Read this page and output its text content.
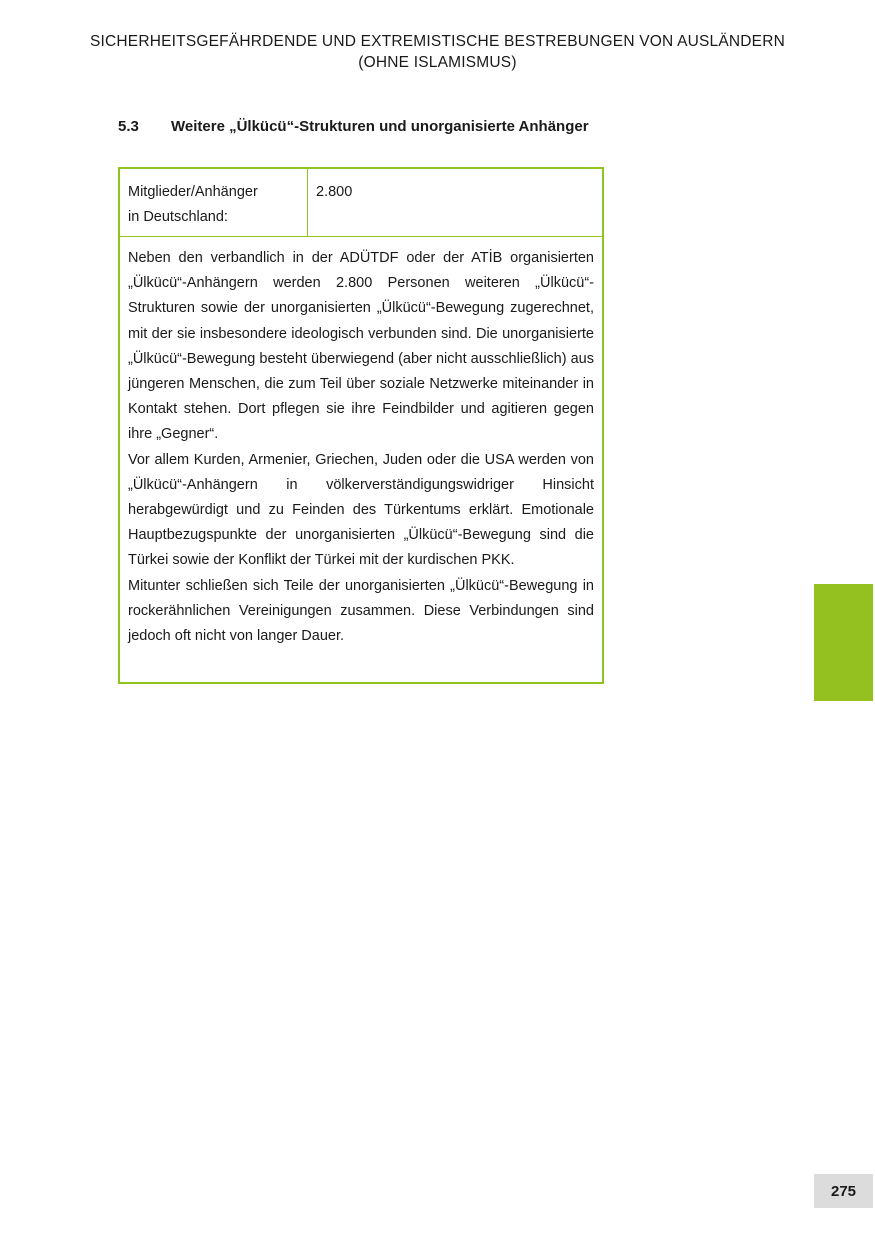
SICHERHEITSGEFÄHRDENDE UND EXTREMISTISCHE BESTREBUNGEN VON AUSLÄNDERN
(OHNE ISLAMISMUS)
5.3 Weitere „Ülkücü“-Strukturen und unorganisierte Anhänger
Mitglieder/Anhänger
in Deutschland:
2.800

Neben den verbandlich in der ADÜTDF oder der ATİB organisierten „Ülkücü“-Anhängern werden 2.800 Personen weiteren „Ülkücü“-Strukturen sowie der unorganisierten „Ülkücü“-Bewegung zugerechnet, mit der sie insbesondere ideologisch verbunden sind. Die unorganisierte „Ülkücü“-Bewegung besteht überwiegend (aber nicht ausschließlich) aus jüngeren Menschen, die zum Teil über soziale Netzwerke miteinander in Kontakt stehen. Dort pflegen sie ihre Feindbilder und agitieren gegen ihre „Gegner“.

Vor allem Kurden, Armenier, Griechen, Juden oder die USA werden von „Ülkücü“-Anhängern in völkerverständigungswidriger Hinsicht herabgewürdigt und zu Feinden des Türkentums erklärt. Emotionale Hauptbezugspunkte der unorganisierten „Ülkücü“-Bewegung sind die Türkei sowie der Konflikt der Türkei mit der kurdischen PKK.

Mitunter schließen sich Teile der unorganisierten „Ülkücü“-Bewegung in rockerähnlichen Vereinigungen zusammen. Diese Verbindungen sind jedoch oft nicht von langer Dauer.

275
